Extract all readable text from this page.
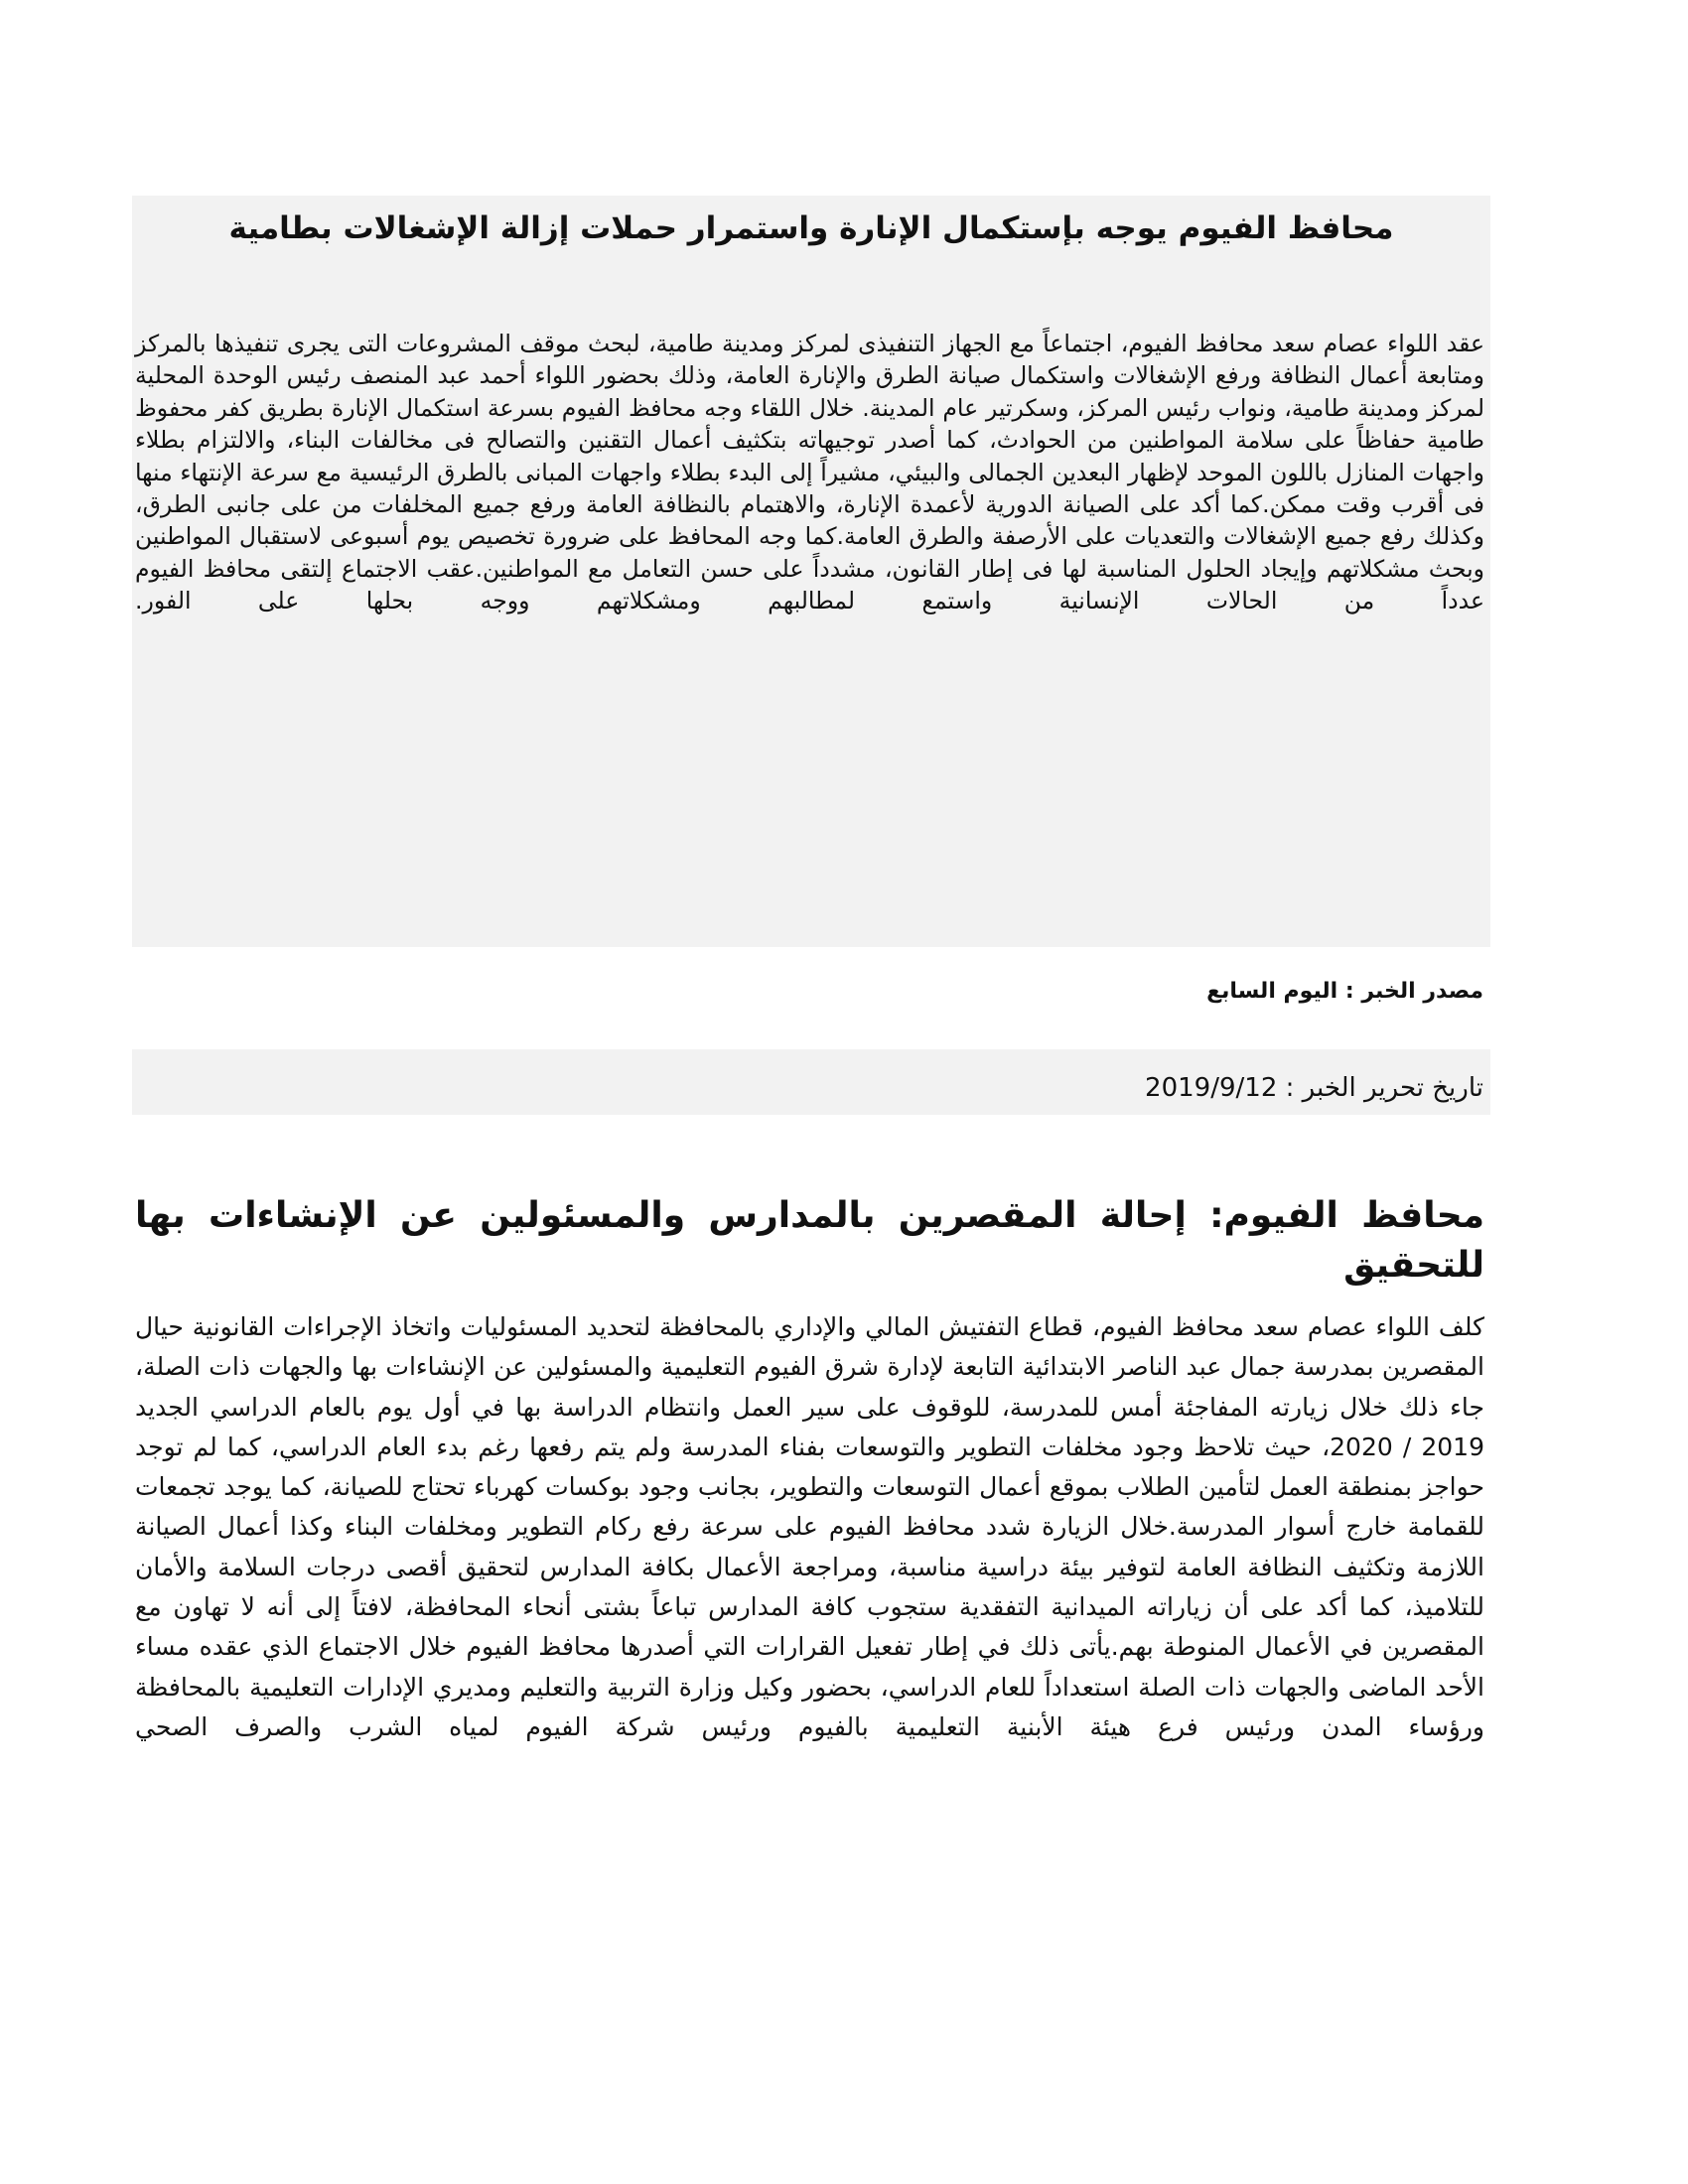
محافظ الفيوم يوجه بإستكمال الإنارة واستمرار حملات إزالة الإشغالات بطامية

عقد اللواء عصام سعد محافظ الفيوم، اجتماعاً مع الجهاز التنفيذى لمركز ومدينة طامية، لبحث موقف المشروعات التى يجرى تنفيذها بالمركز ومتابعة أعمال النظافة ورفع الإشغالات واستكمال صيانة الطرق والإنارة العامة، وذلك بحضور اللواء أحمد عبد المنصف رئيس الوحدة المحلية لمركز ومدينة طامية، ونواب رئيس المركز، وسكرتير عام المدينة. خلال اللقاء وجه محافظ الفيوم بسرعة استكمال الإنارة بطريق كفر محفوظ طامية حفاظاً على سلامة المواطنين من الحوادث، كما أصدر توجيهاته بتكثيف أعمال التقنين والتصالح فى مخالفات البناء، والالتزام بطلاء واجهات المنازل باللون الموحد لإظهار البعدين الجمالى والبيئي، مشيراً إلى البدء بطلاء واجهات المبانى بالطرق الرئيسية مع سرعة الإنتهاء منها فى أقرب وقت ممكن.كما أكد على الصيانة الدورية لأعمدة الإنارة، والاهتمام بالنظافة العامة ورفع جميع المخلفات من على جانبى الطرق، وكذلك رفع جميع الإشغالات والتعديات على الأرصفة والطرق العامة.كما وجه المحافظ على ضرورة تخصيص يوم أسبوعى لاستقبال المواطنين وبحث مشكلاتهم وإيجاد الحلول المناسبة لها فى إطار القانون، مشدداً على حسن التعامل مع المواطنين.عقب الاجتماع إلتقى محافظ الفيوم عدداً من الحالات الإنسانية واستمع لمطالبهم ومشكلاتهم ووجه بحلها على الفور.

مصدر الخبر : اليوم السابع

تاريخ تحرير الخبر : 2019/9/12

محافظ الفيوم: إحالة المقصرين بالمدارس والمسئولين عن الإنشاءات بها للتحقيق

كلف اللواء عصام سعد محافظ الفيوم، قطاع التفتيش المالي والإداري بالمحافظة لتحديد المسئوليات واتخاذ الإجراءات القانونية حيال المقصرين بمدرسة جمال عبد الناصر الابتدائية التابعة لإدارة شرق الفيوم التعليمية والمسئولين عن الإنشاءات بها والجهات ذات الصلة، جاء ذلك خلال زيارته المفاجئة أمس للمدرسة، للوقوف على سير العمل وانتظام الدراسة بها في أول يوم بالعام الدراسي الجديد 2019 / 2020، حيث تلاحظ وجود مخلفات التطوير والتوسعات بفناء المدرسة ولم يتم رفعها رغم بدء العام الدراسي، كما لم توجد حواجز بمنطقة العمل لتأمين الطلاب بموقع أعمال التوسعات والتطوير، بجانب وجود بوكسات كهرباء تحتاج للصيانة، كما يوجد تجمعات للقمامة خارج أسوار المدرسة.خلال الزيارة شدد محافظ الفيوم على سرعة رفع ركام التطوير ومخلفات البناء وكذا أعمال الصيانة اللازمة وتكثيف النظافة العامة لتوفير بيئة دراسية مناسبة، ومراجعة الأعمال بكافة المدارس لتحقيق أقصى درجات السلامة والأمان للتلاميذ، كما أكد على أن زياراته الميدانية التفقدية ستجوب كافة المدارس تباعاً بشتى أنحاء المحافظة، لافتاً إلى أنه لا تهاون مع المقصرين في الأعمال المنوطة بهم.يأتى ذلك في إطار تفعيل القرارات التي أصدرها محافظ الفيوم خلال الاجتماع الذي عقده مساء الأحد الماضى والجهات ذات الصلة استعداداً للعام الدراسي، بحضور وكيل وزارة التربية والتعليم ومديري الإدارات التعليمية بالمحافظة ورؤساء المدن ورئيس فرع هيئة الأبنية التعليمية بالفيوم ورئيس شركة الفيوم لمياه الشرب والصرف الصحي
